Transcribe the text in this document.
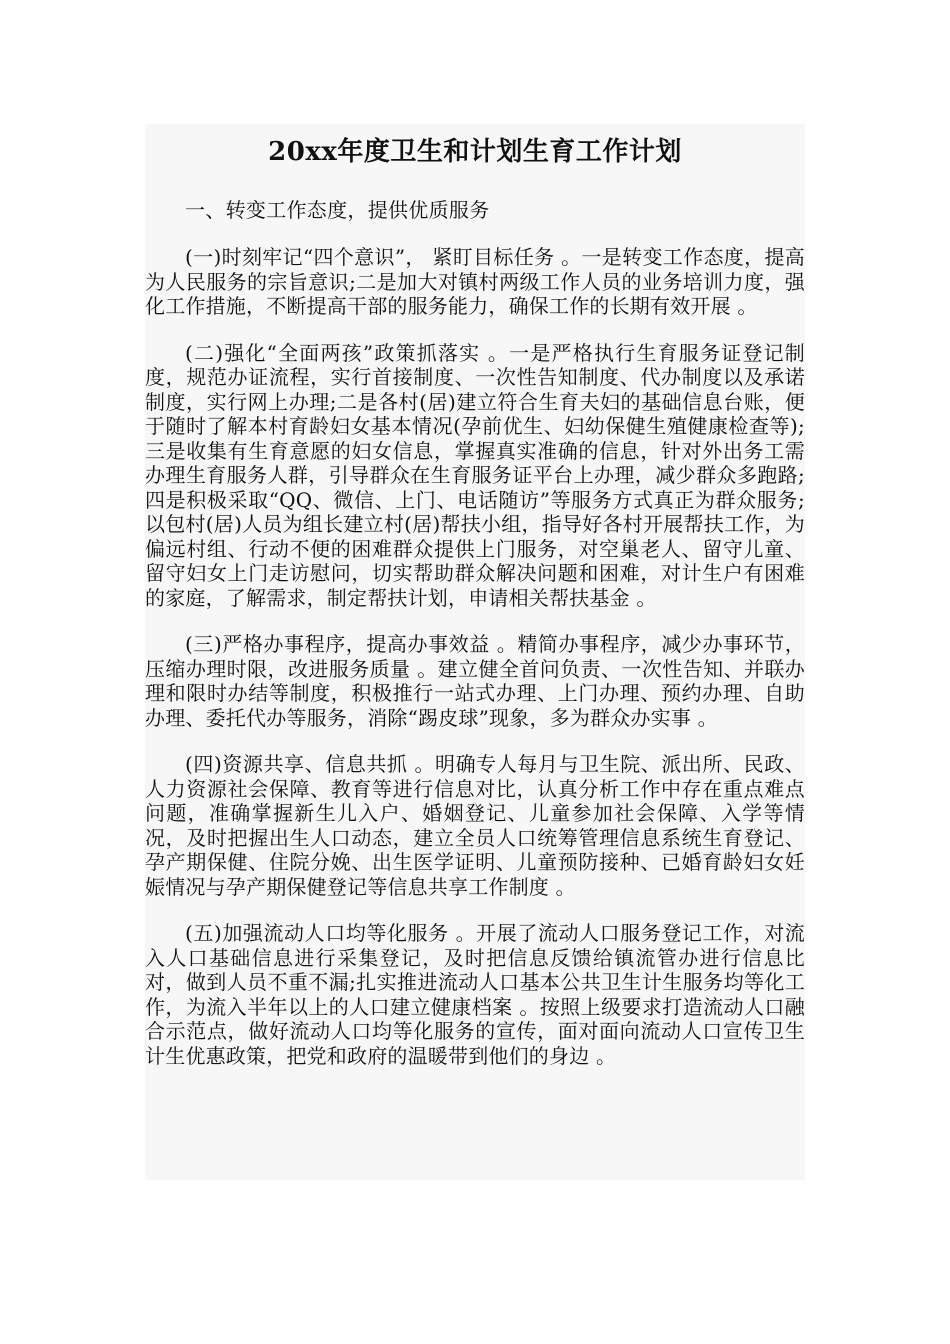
20xx年度卫生和计划生育工作计划

一、转变工作态度，提供优质服务

(一)时刻牢记“四个意识”， 紧盯目标任务 。一是转变工作态度，提高为人民服务的宗旨意识;二是加大对镇村两级工作人员的业务培训力度，强化工作措施，不断提高干部的服务能力，确保工作的长期有效开展 。

(二)强化“全面两孩”政策抓落实 。一是严格执行生育服务证登记制度，规范办证流程，实行首接制度、一次性告知制度、代办制度以及承诺制度，实行网上办理;二是各村(居)建立符合生育夫妇的基础信息台账，便于随时了解本村育龄妇女基本情况(孕前优生、妇幼保健生殖健康检查等);三是收集有生育意愿的妇女信息，掌握真实准确的信息，针对外出务工需办理生育服务人群，引导群众在生育服务证平台上办理，减少群众多跑路;四是积极采取“QQ、微信、上门、电话随访”等服务方式真正为群众服务;以包村(居)人员为组长建立村(居)帮扶小组，指导好各村开展帮扶工作，为偏远村组、行动不便的困难群众提供上门服务，对空巢老人、留守儿童、留守妇女上门走访慰问，切实帮助群众解决问题和困难，对计生户有困难的家庭，了解需求，制定帮扶计划，申请相关帮扶基金 。

(三)严格办事程序，提高办事效益 。精简办事程序，减少办事环节，压缩办理时限，改进服务质量 。建立健全首问负责、一次性告知、并联办理和限时办结等制度，积极推行一站式办理、上门办理、预约办理、自助办理、委托代办等服务，消除“踢皮球”现象，多为群众办实事 。

(四)资源共享、信息共抓 。明确专人每月与卫生院、派出所、民政、人力资源社会保障、教育等进行信息对比，认真分析工作中存在重点难点问题，准确掌握新生儿入户、婚姻登记、儿童参加社会保障、入学等情况，及时把握出生人口动态，建立全员人口统筹管理信息系统生育登记、孕产期保健、住院分娩、出生医学证明、儿童预防接种、已婚育龄妇女妊娠情况与孕产期保健登记等信息共享工作制度 。

(五)加强流动人口均等化服务 。开展了流动人口服务登记工作，对流入人口基础信息进行采集登记，及时把信息反馈给镇流管办进行信息比对，做到人员不重不漏;扎实推进流动人口基本公共卫生计生服务均等化工作，为流入半年以上的人口建立健康档案 。按照上级要求打造流动人口融合示范点，做好流动人口均等化服务的宣传，面对面向流动人口宣传卫生计生优惠政策，把党和政府的温暖带到他们的身边 。
